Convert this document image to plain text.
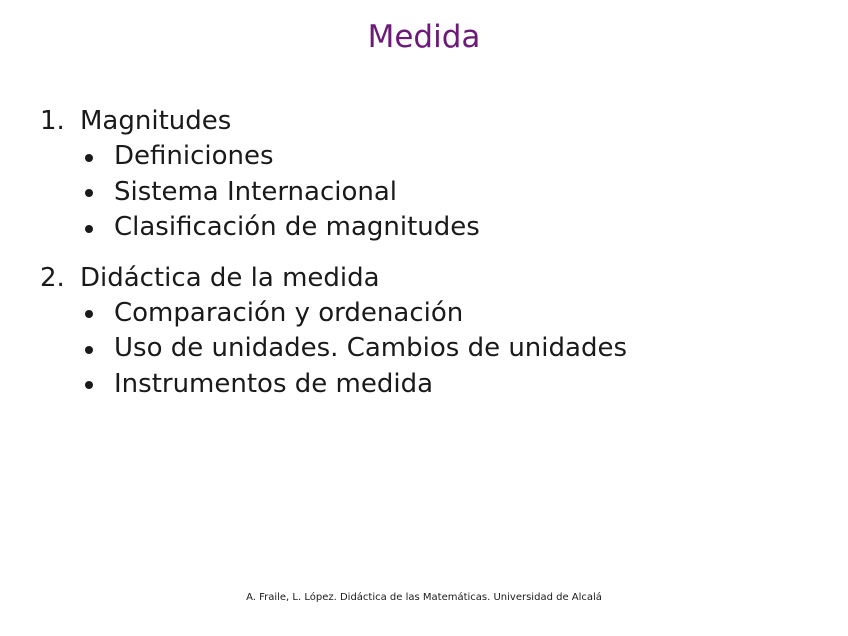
Medida
1. Magnitudes
Definiciones
Sistema Internacional
Clasificación de magnitudes
2. Didáctica de la medida
Comparación y ordenación
Uso de unidades. Cambios de unidades
Instrumentos de medida
A. Fraile, L. López. Didáctica de las Matemáticas. Universidad de Alcalá
